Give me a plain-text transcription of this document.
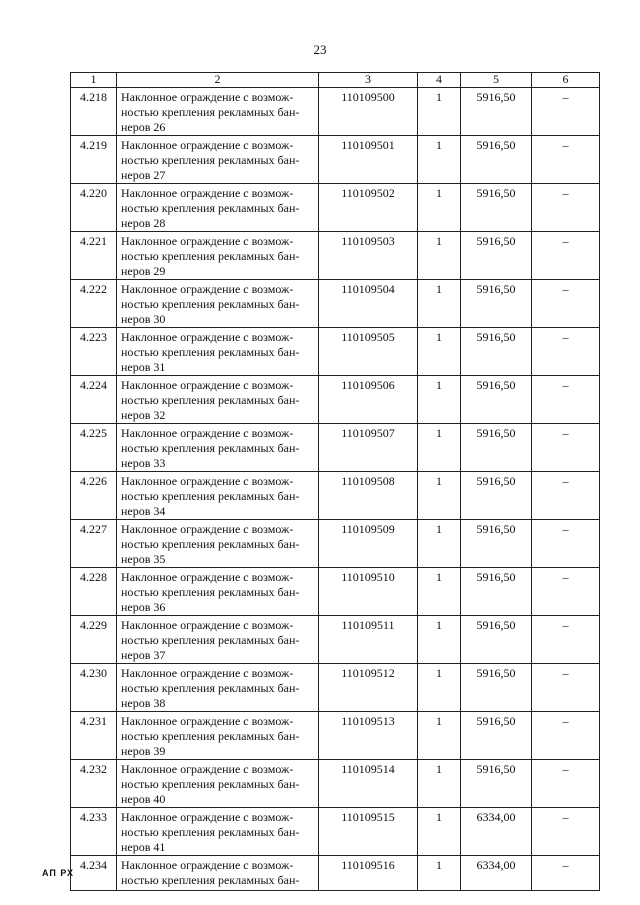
23
1	2	3	4	5	6
4.218	Наклонное ограждение с возмож-ностью крепления рекламных бан-неров 26	110109500	1	5916,50	–
4.219	Наклонное ограждение с возмож-ностью крепления рекламных бан-неров 27	110109501	1	5916,50	–
4.220	Наклонное ограждение с возмож-ностью крепления рекламных бан-неров 28	110109502	1	5916,50	–
4.221	Наклонное ограждение с возмож-ностью крепления рекламных бан-неров 29	110109503	1	5916,50	–
4.222	Наклонное ограждение с возмож-ностью крепления рекламных бан-неров 30	110109504	1	5916,50	–
4.223	Наклонное ограждение с возмож-ностью крепления рекламных бан-неров 31	110109505	1	5916,50	–
4.224	Наклонное ограждение с возмож-ностью крепления рекламных бан-неров 32	110109506	1	5916,50	–
4.225	Наклонное ограждение с возмож-ностью крепления рекламных бан-неров 33	110109507	1	5916,50	–
4.226	Наклонное ограждение с возмож-ностью крепления рекламных бан-неров 34	110109508	1	5916,50	–
4.227	Наклонное ограждение с возмож-ностью крепления рекламных бан-неров 35	110109509	1	5916,50	–
4.228	Наклонное ограждение с возмож-ностью крепления рекламных бан-неров 36	110109510	1	5916,50	–
4.229	Наклонное ограждение с возмож-ностью крепления рекламных бан-неров 37	110109511	1	5916,50	–
4.230	Наклонное ограждение с возмож-ностью крепления рекламных бан-неров 38	110109512	1	5916,50	–
4.231	Наклонное ограждение с возмож-ностью крепления рекламных бан-неров 39	110109513	1	5916,50	–
4.232	Наклонное ограждение с возмож-ностью крепления рекламных бан-неров 40	110109514	1	5916,50	–
4.233	Наклонное ограждение с возмож-ностью крепления рекламных бан-неров 41	110109515	1	6334,00	–
4.234	Наклонное ограждение с возмож-ностью крепления рекламных бан-	110109516	1	6334,00	–
АП РХ
